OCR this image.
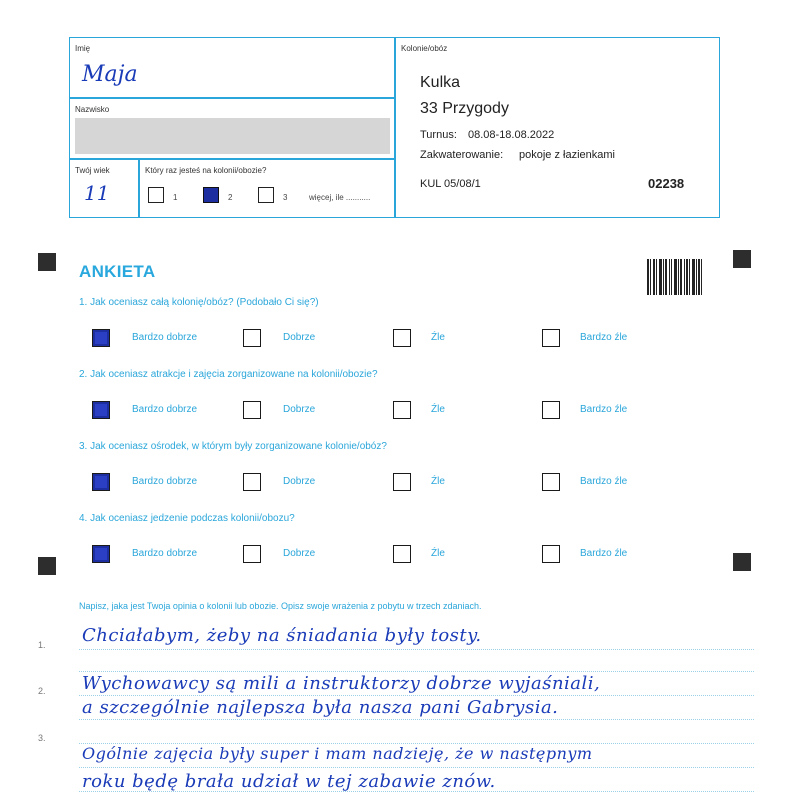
Imię
Maja
Nazwisko
Twój wiek
11
Który raz jesteś na kolonii/obozie?
1	2	3	więcej, ile ...........
Kolonie/obóz
Kulka
33 Przygody
Turnus: 08.08-18.08.2022
Zakwaterowanie: pokoje z łazienkami
KUL 05/08/1	02238
ANKIETA
1. Jak oceniasz całą kolonię/obóz? (Podobało Ci się?)
Bardzo dobrze	Dobrze	Źle	Bardzo źle
2. Jak oceniasz atrakcje i zajęcia zorganizowane na kolonii/obozie?
Bardzo dobrze	Dobrze	Źle	Bardzo źle
3. Jak oceniasz ośrodek, w którym były zorganizowane kolonie/obóz?
Bardzo dobrze	Dobrze	Źle	Bardzo źle
4. Jak oceniasz jedzenie podczas kolonii/obozu?
Bardzo dobrze	Dobrze	Źle	Bardzo źle
Napisz, jaka jest Twoja opinia o kolonii lub obozie. Opisz swoje wrażenia z pobytu w trzech zdaniach.
1.
2.
3.
Chciałabym, żeby na śniadania były tosty.
Wychowawcy są mili a instruktorzy dobrze wyjaśniali,
a szczególnie najlepsza była nasza pani Gabrysia.
Ogólnie zajęcia były super i mam nadzieję, że w następnym
roku będę brała udział w tej zabawie znów.
